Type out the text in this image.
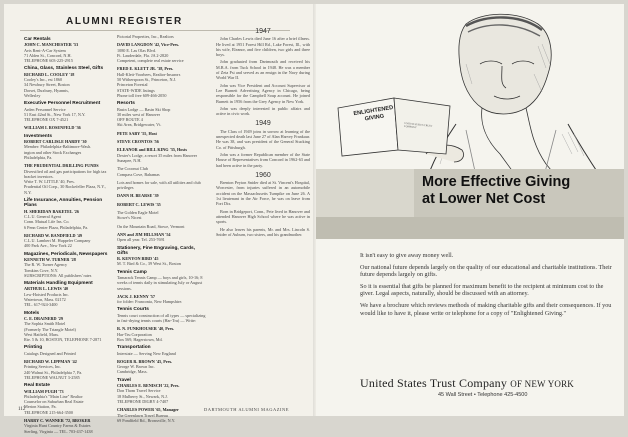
ALUMNI REGISTER
Car Rentals
JOHN C. MANCHESTER '53
Avis Rent-A-Car System
71 Alden St., Concord, N.H.
TELEPHONE 603-225-2915
China, Glass, Stainless Steel, Gifts
RICHARD L. COOLEY '18
Cooley's Inc., est 1860
34 Newbury Street, Boston
Dorset, Duxbury, Hyannis,
Wellesley
Executive Personnel Recruitment
Arden Personnel Service
51 East 42nd St., New York 17, N.Y.
TELEPHONE OX 7-4521
WILLIAM I. ROSENFELD '36
Investments
ROBERT CARLISLE HARDY '30
Member: Philadelphia-Baltimore-Wash.
ington and other Stock Exchanges
Philadelphia, Pa.
THE PRUDENTIAL DRILLING FUNDS
Diversified oil and gas participations for high tax bracket investors.
Write T. W. LITTLE '40, Pres.
Prudential Oil Corp., 30 Rockefeller Plaza, N.Y., N.Y.
Life Insurance, Annuities, Pension Plans
H. SHERIDAN BAKETEL '26
C.L.U. General Agent
Conn. Mutual Life Ins. Co.
6 Penn Center Plaza, Philadelphia, Pa.
RICHARD W. BANDFIELD '49
C.L.U. Lambert M. Huppeler Company
400 Park Ave., New York 22
Magazines, Periodicals, Newspapers
KENNETH W. TURNER '28
The R. W. Turner Agency
Tomkins Cove, N.Y.
SUBSCRIPTIONS: All publishers' rates
Materials Handling Equipment
ARTHUR L. LEWIS '40
Lew-Hoisted Products Inc.
Watertown, Mass. 02172
TEL. 617-924-3400
Motels
C. E. DRAINERD '29
The Sophia Smith Motel
(Formerly The Triangle Motel)
West Hatfield, Mass.
Rte. 5 & 10, BOSTON, TELEPHONE 7-2871
Printing
Catalogs Designed and Printed
RICHARD W. LIPPMAN '42
Printing Services, Inc.
240 Walnut St., Philadelphia 7, Pa.
TELEPHONE WALNUT 3-2585
Real Estate
WILLIAM PUGH '73
Philadelphia's "Main Line" Realtor
Counselor on Suburban Real Estate
Merion Station, Pa.
TELEPHONE 215-664-3500
HARRY C. WANNER '72, BROKER
Virginia Hunt Country Farms & Estates
Sterling, Virginia — TEL. 703-437-1438
Pictorial Properties, Inc., Realtors
DAVID LANGDON '42, Vice-Pres.
1080 E. Las Olas Blvd.
Ft. Lauderdale, Fla. JA 2-2820
Competent, complete real estate service
FRED E. KLETT JR. '38, Pres.
Hall-Klett-Voorhees, Realtor-Insurors
50 Witherspoon St., Princeton, N.J.
Princeton Forestal
STATE-WIDE listings
Phone toll free 609-466-2050
Resorts
Basin Lodge — Basin Ski Shop
30 miles west of Hanover
OFF ROUTE 4
Ski Area, Bridgewater, Vt.
PETE SABY '55, Host
STEVE CRONTOS '56
ELEANOR and BILL KING '35, Hosts
Dexter's Lodge, a resort 35 miles from Hanover
Sunapee, N.H.
The Coconut Club
Compass Cove, Bahamas
Lots and homes for sale, with all utilities and club privileges
DANN H. BEARSE '39
ROBERT C. LEWIS '35
The Golden Eagle Motel
Stowe's Nicest
On the Mountain Road, Stowe, Vermont
ANN and JIM HILLMAN '54
Open all year. Tel. 253-7691
Stationery, Fine Engraving, Cards, Gifts
R. KENYON BIRD '45
M. T. Bird & Co., 39 West St., Boston
Tennis Camp
Tamarack Tennis Camp — boys and girls, 10-16; 8 weeks of tennis daily in stimulating July or August sessions.
JACK J. KENNY '57
for folder: Franconia, New Hampshire.
Tennis Courts
Tennis court construction of all types — specializing in fast-drying tennis courts (Har-Tru) — Write:
R. N. FUNKHOUSER '40, Pres.
Har-Tru Corporation
Box 569, Hagerstown, Md.
Transportation
Interstate — Serving New England
ROGER R. BROWN '45, Pres.
George W. Brown Inc.
Cambridge, Mass.
Travel
CHARLES E. BENISCH '22, Pres.
Don Thom Travel Service
18 Mulberry St., Newark, N.J.
TELEPHONE DIGBY 4-7407
CHARLES POWER '65, Manager
The Greenlawn Travel Bureau
69 Pondfield Rd., Bronxville, N.Y.
1947

John Charles Lewis died June 16 after a brief illness. He lived at 1951 Forest Hill Rd., Lake Forest, Ill., with his wife, Eleanor, and five children, two girls and three boys.

John graduated from Dartmouth and received his M.B.A. from Tuck School in 1948. He was a member of Zeta Psi and served as an ensign in the Navy during World War II.

John was Vice President and Account Supervisor at Lee Burnett Advertising Agency in Chicago, being responsible for the Campbell Soup account. He joined Burnett in 1956 from the Grey Agency in New York.

John was deeply interested in public affairs and active in civic work.

1949

The Class of 1949 joins in sorrow at learning of the unexpected death last June 27 of Alan Harvey Frankaur. He was 38, and was president of the General Stucking Co. of Pittsburgh.

John was a former Republican member of the State House of Representatives from Concord in 1962-63 and had been active in the party.

1960

Brenton Peyton Snider died at St. Vincent's Hospital, Worcester, from injuries suffered in an automobile accident on the Massachusetts Turnpike on June 26. A 1st lieutenant in the Air Force, he was on leave from Fort Dix.

Born in Bridgeport, Conn., Pete lived in Hanover and attended Hanover High School where he was active in sports.

He also leaves his parents, Mr. and Mrs. Lincoln S. Snider of Auburn, two sisters, and his grandmother.

112	DARTMOUTH ALUMNI MAGAZINE
ENLIGHTENED GIVING
UNITED STATES TRUST COMPANY
More Effective Giving
at Lower Net Cost

It isn't easy to give away money well.

Our national future depends largely on the quality of our educational and charitable institutions. Their future depends largely on gifts.

So it is essential that gifts be planned for maximum benefit to the recipient at minimum cost to the giver. Legal aspects, naturally, should be discussed with an attorney.

We have a brochure which reviews methods of making charitable gifts and their consequences. If you would like to have it, please write or telephone for a copy of "Enlightened Giving."

United States Trust Company OF NEW YORK
45 Wall Street • Telephone 425-4500
